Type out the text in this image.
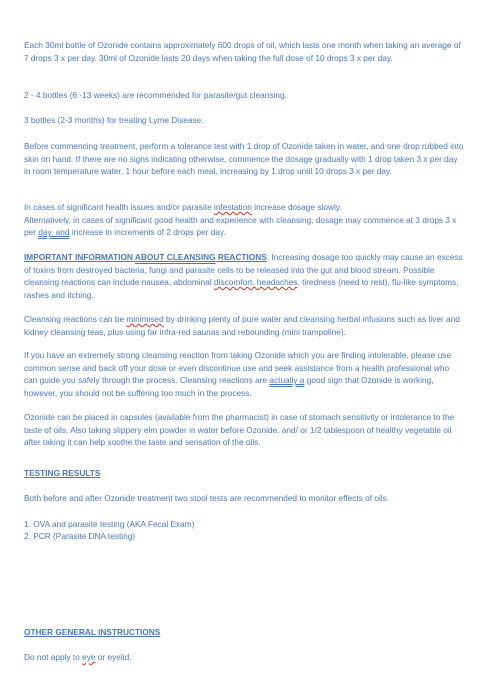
Each 30ml bottle of Ozonide contains approximately 600 drops of oil, which lasts one month when taking an average of 7 drops 3 x per day. 30ml of Ozonide lasts 20 days when taking the full dose of 10 drops 3 x per day.

2 - 4 bottles (6 -13 weeks) are recommended for parasite/gut cleansing.

3 bottles (2-3 months) for treating Lyme Disease.

Before commencing treatment, perform a tolerance test with 1 drop of Ozonide taken in water, and one drop rubbed into skin on hand. If there are no signs indicating otherwise, commence the dosage gradually with 1 drop taken 3 x per day in room temperature water, 1 hour before each meal, increasing by 1 drop until 10 drops 3 x per day.

In cases of significant health issues and/or parasite infestation increase dosage slowly.
Alternatively, in cases of significant good health and experience with cleansing, dosage may commence at 3 drops 3 x per day, and increase in increments of 2 drops per day.

IMPORTANT INFORMATION ABOUT CLEANSING REACTIONS: Increasing dosage too quickly may cause an excess of toxins from destroyed bacteria, fungi and parasite cells to be released into the gut and blood stream. Possible cleansing reactions can include nausea, abdominal discomfort, headaches, tiredness (need to rest), flu-like symptoms, rashes and itching.

Cleansing reactions can be minimised by drinking plenty of pure water and cleansing herbal infusions such as liver and kidney cleansing teas, plus using far infra-red saunas and rebounding (mini trampoline).

If you have an extremely strong cleansing reaction from taking Ozonide which you are finding intolerable, please use common sense and back off your dose or even discontinue use and seek assistance from a health professional who can guide you safely through the process. Cleansing reactions are actually a good sign that Ozonide is working, however, you should not be suffering too much in the process.

Ozonide can be placed in capsules (available from the pharmacist) in case of stomach sensitivity or intolerance to the taste of oils. Also taking slippery elm powder in water before Ozonide, and/ or 1/2 tablespoon of healthy vegetable oil after taking it can help soothe the taste and sensation of the oils.

TESTING RESULTS

Both before and after Ozonide treatment two stool tests are recommended to monitor effects of oils.

1. OVA and parasite testing (AKA Fecal Exam)

2. PCR (Parasite DNA testing)

OTHER GENERAL INSTRUCTIONS

Do not apply to eye or eyelid.
